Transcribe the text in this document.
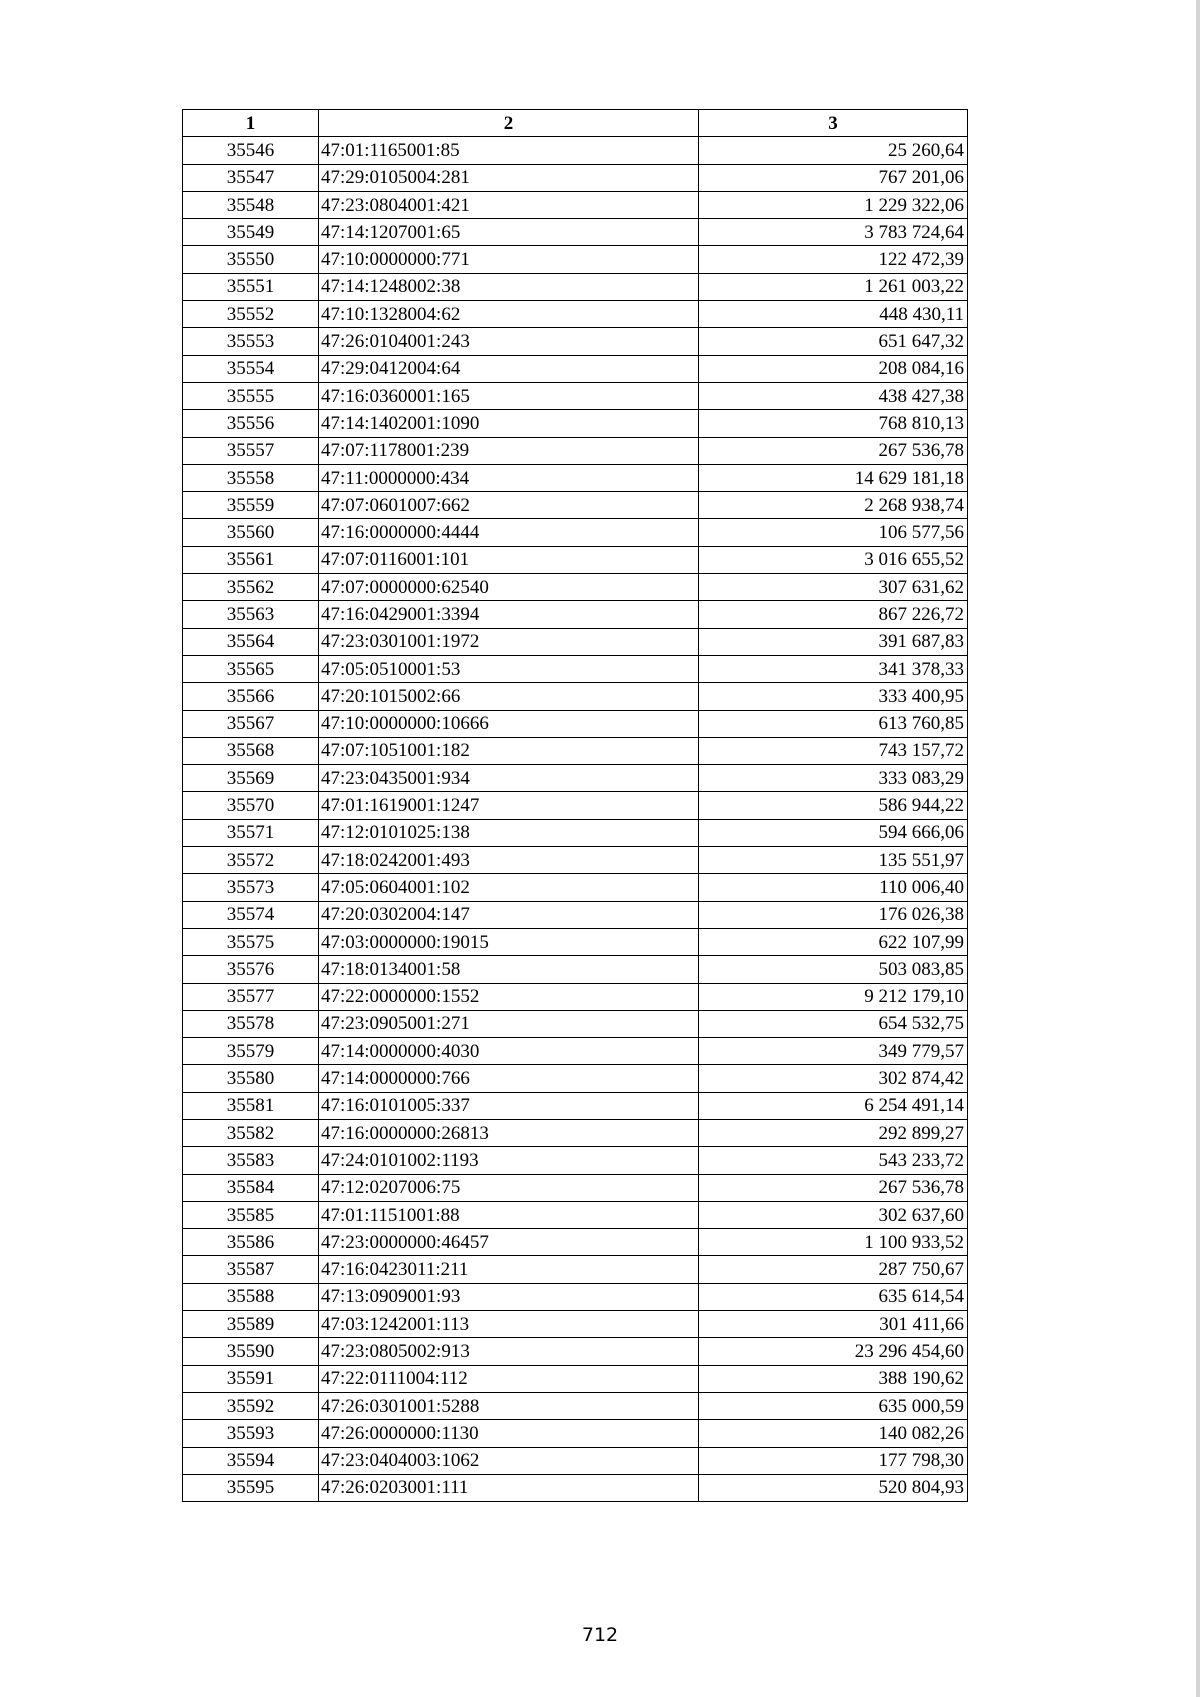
1	2	3
35546	47:01:1165001:85	25 260,64
35547	47:29:0105004:281	767 201,06
35548	47:23:0804001:421	1 229 322,06
35549	47:14:1207001:65	3 783 724,64
35550	47:10:0000000:771	122 472,39
35551	47:14:1248002:38	1 261 003,22
35552	47:10:1328004:62	448 430,11
35553	47:26:0104001:243	651 647,32
35554	47:29:0412004:64	208 084,16
35555	47:16:0360001:165	438 427,38
35556	47:14:1402001:1090	768 810,13
35557	47:07:1178001:239	267 536,78
35558	47:11:0000000:434	14 629 181,18
35559	47:07:0601007:662	2 268 938,74
35560	47:16:0000000:4444	106 577,56
35561	47:07:0116001:101	3 016 655,52
35562	47:07:0000000:62540	307 631,62
35563	47:16:0429001:3394	867 226,72
35564	47:23:0301001:1972	391 687,83
35565	47:05:0510001:53	341 378,33
35566	47:20:1015002:66	333 400,95
35567	47:10:0000000:10666	613 760,85
35568	47:07:1051001:182	743 157,72
35569	47:23:0435001:934	333 083,29
35570	47:01:1619001:1247	586 944,22
35571	47:12:0101025:138	594 666,06
35572	47:18:0242001:493	135 551,97
35573	47:05:0604001:102	110 006,40
35574	47:20:0302004:147	176 026,38
35575	47:03:0000000:19015	622 107,99
35576	47:18:0134001:58	503 083,85
35577	47:22:0000000:1552	9 212 179,10
35578	47:23:0905001:271	654 532,75
35579	47:14:0000000:4030	349 779,57
35580	47:14:0000000:766	302 874,42
35581	47:16:0101005:337	6 254 491,14
35582	47:16:0000000:26813	292 899,27
35583	47:24:0101002:1193	543 233,72
35584	47:12:0207006:75	267 536,78
35585	47:01:1151001:88	302 637,60
35586	47:23:0000000:46457	1 100 933,52
35587	47:16:0423011:211	287 750,67
35588	47:13:0909001:93	635 614,54
35589	47:03:1242001:113	301 411,66
35590	47:23:0805002:913	23 296 454,60
35591	47:22:0111004:112	388 190,62
35592	47:26:0301001:5288	635 000,59
35593	47:26:0000000:1130	140 082,26
35594	47:23:0404003:1062	177 798,30
35595	47:26:0203001:111	520 804,93
712
